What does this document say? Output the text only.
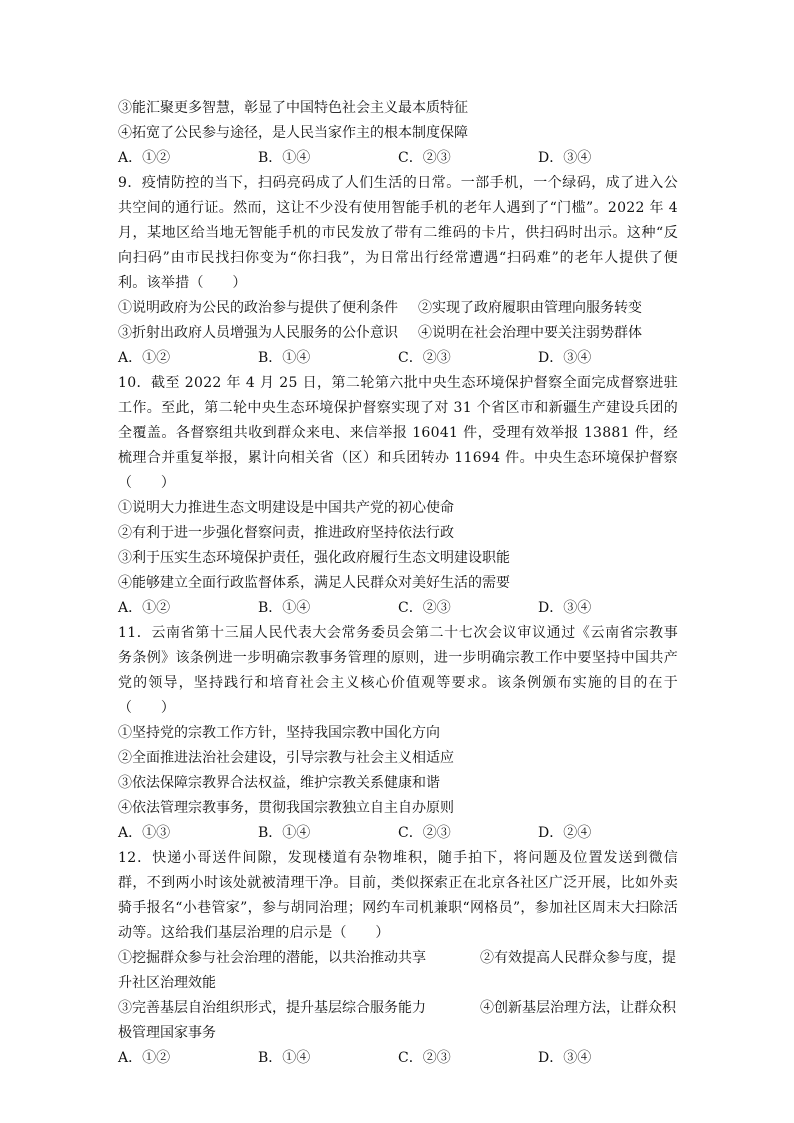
③能汇聚更多智慧，彰显了中国特色社会主义最本质特征
④拓宽了公民参与途径，是人民当家作主的根本制度保障
A．①②	B．①④	C．②③	D．③④
9．疫情防控的当下，扫码亮码成了人们生活的日常。一部手机，一个绿码，成了进入公共空间的通行证。然而，这让不少没有使用智能手机的老年人遇到了“门槛”。2022 年 4 月，某地区给当地无智能手机的市民发放了带有二维码的卡片，供扫码时出示。这种“反向扫码”由市民找扫你变为“你扫我”，为日常出行经常遭遇“扫码难”的老年人提供了便利。该举措（　　）
①说明政府为公民的政治参与提供了便利条件	②实现了政府履职由管理向服务转变
③折射出政府人员增强为人民服务的公仆意识	④说明在社会治理中要关注弱势群体
A．①②	B．①④	C．②③	D．③④
10．截至 2022 年 4 月 25 日，第二轮第六批中央生态环境保护督察全面完成督察进驻工作。至此，第二轮中央生态环境保护督察实现了对 31 个省区市和新疆生产建设兵团的全覆盖。各督察组共收到群众来电、来信举报 16041 件，受理有效举报 13881 件，经梳理合并重复举报，累计向相关省（区）和兵团转办 11694 件。中央生态环境保护督察（　　）
①说明大力推进生态文明建设是中国共产党的初心使命
②有利于进一步强化督察问责，推进政府坚持依法行政
③利于压实生态环境保护责任，强化政府履行生态文明建设职能
④能够建立全面行政监督体系，满足人民群众对美好生活的需要
A．①②	B．①④	C．②③	D．③④
11．云南省第十三届人民代表大会常务委员会第二十七次会议审议通过《云南省宗教事务条例》该条例进一步明确宗教事务管理的原则，进一步明确宗教工作中要坚持中国共产党的领导，坚持践行和培育社会主义核心价值观等要求。该条例颁布实施的目的在于（　　）
①坚持党的宗教工作方针，坚持我国宗教中国化方向
②全面推进法治社会建设，引导宗教与社会主义相适应
③依法保障宗教界合法权益，维护宗教关系健康和谐
④依法管理宗教事务，贯彻我国宗教独立自主自办原则
A．①③	B．①④	C．②③	D．②④
12．快递小哥送件间隙，发现楼道有杂物堆积，随手拍下，将问题及位置发送到微信群，不到两小时该处就被清理干净。目前，类似探索正在北京各社区广泛开展，比如外卖骑手报名“小巷管家”，参与胡同治理；网约车司机兼职“网格员”，参加社区周末大扫除活动等。这给我们基层治理的启示是（　　）
①挖掘群众参与社会治理的潜能，以共治推动共享	②有效提高人民群众参与度，提
升社区治理效能
③完善基层自治组织形式，提升基层综合服务能力	④创新基层治理方法，让群众积
极管理国家事务
A．①②	B．①④	C．②③	D．③④
